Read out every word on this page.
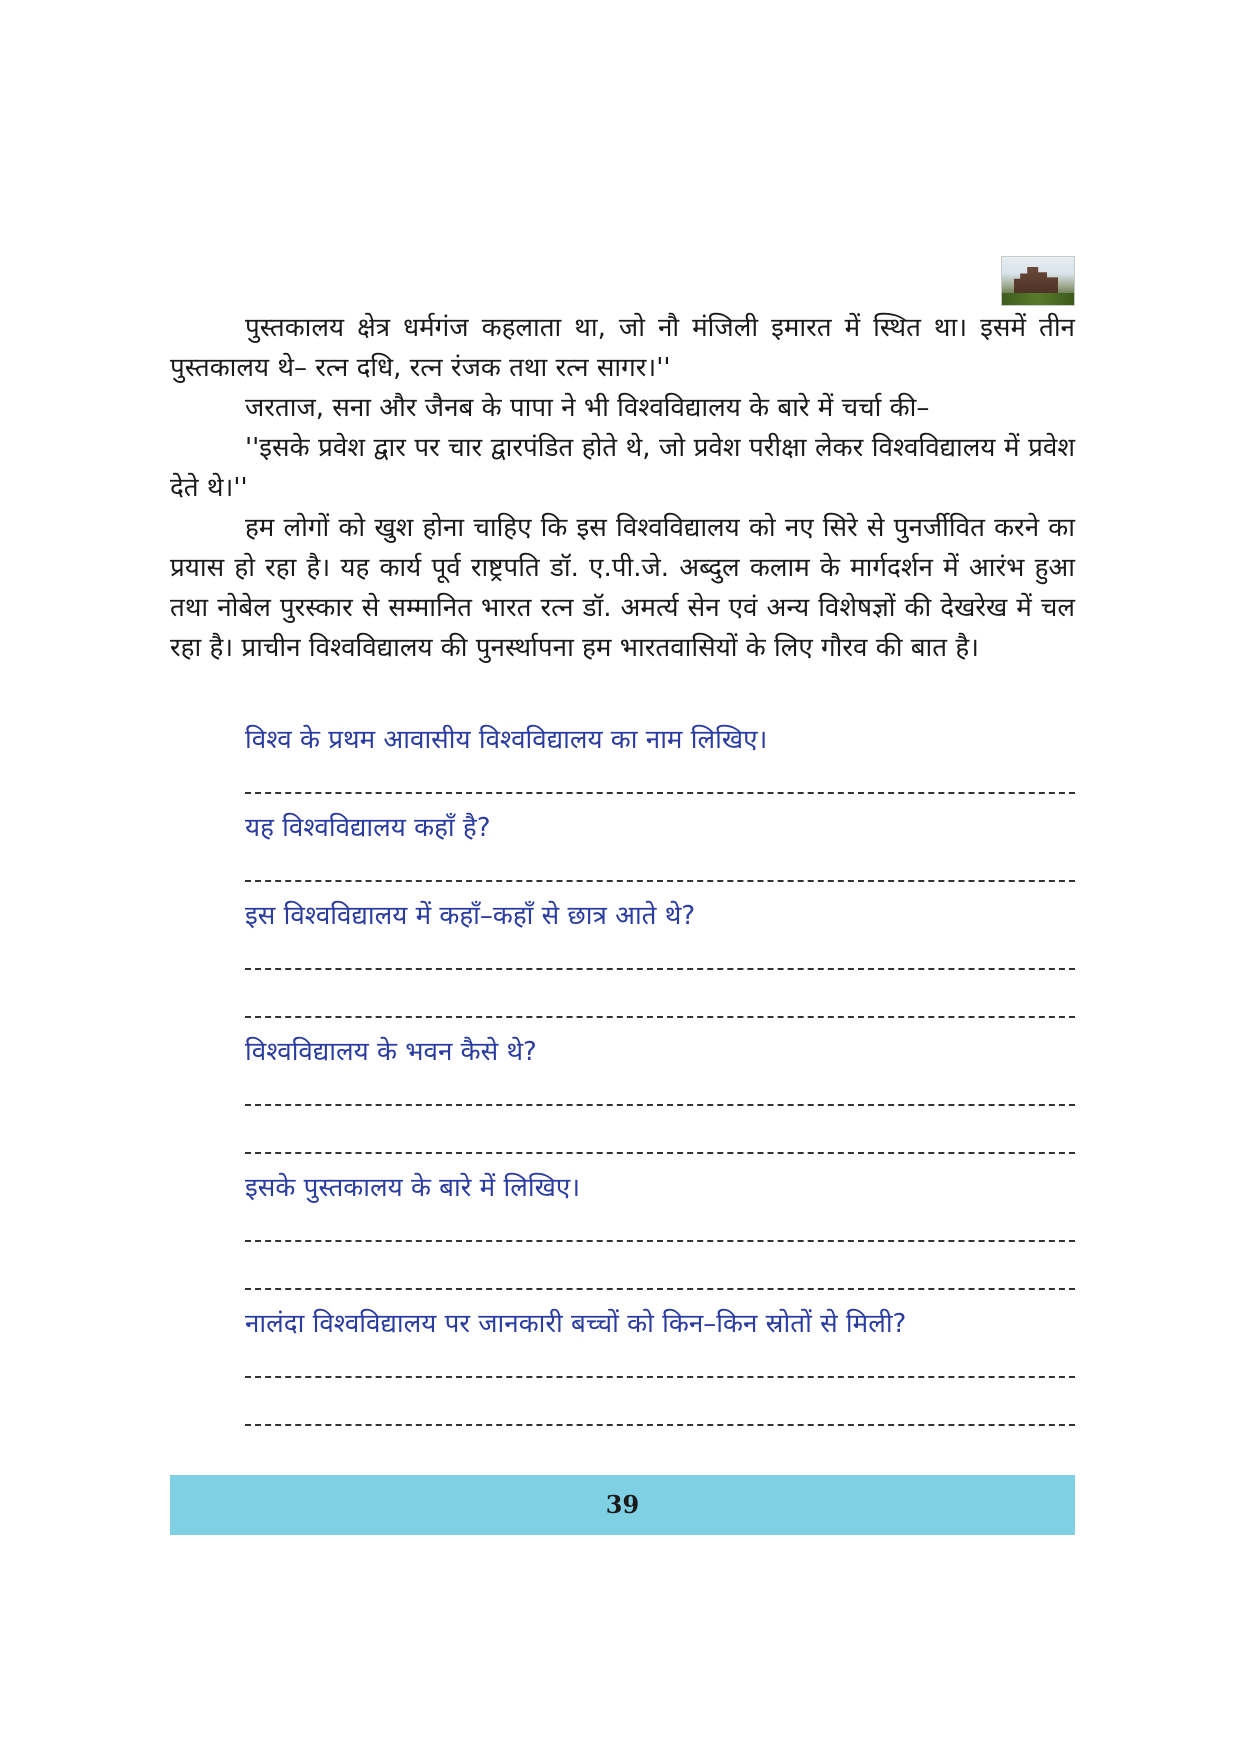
पुस्तकालय क्षेत्र धर्मगंज कहलाता था, जो नौ मंजिली इमारत में स्थित था। इसमें तीन पुस्तकालय थे– रत्न दधि, रत्न रंजक तथा रत्न सागर।''

जरताज, सना और जैनब के पापा ने भी विश्वविद्यालय के बारे में चर्चा की–

''इसके प्रवेश द्वार पर चार द्वारपंडित होते थे, जो प्रवेश परीक्षा लेकर विश्वविद्यालय में प्रवेश देते थे।''

हम लोगों को खुश होना चाहिए कि इस विश्वविद्यालय को नए सिरे से पुनर्जीवित करने का प्रयास हो रहा है। यह कार्य पूर्व राष्ट्रपति डॉ. ए.पी.जे. अब्दुल कलाम के मार्गदर्शन में आरंभ हुआ तथा नोबेल पुरस्कार से सम्मानित भारत रत्न डॉ. अमर्त्य सेन एवं अन्य विशेषज्ञों की देखरेख में चल रहा है। प्राचीन विश्वविद्यालय की पुनर्स्थापना हम भारतवासियों के लिए गौरव की बात है।

विश्व के प्रथम आवासीय विश्वविद्यालय का नाम लिखिए।
यह विश्वविद्यालय कहाँ है?
इस विश्वविद्यालय में कहाँ–कहाँ से छात्र आते थे?
विश्वविद्यालय के भवन कैसे थे?
इसके पुस्तकालय के बारे में लिखिए।
नालंदा विश्वविद्यालय पर जानकारी बच्चों को किन–किन स्रोतों से मिली?
39
